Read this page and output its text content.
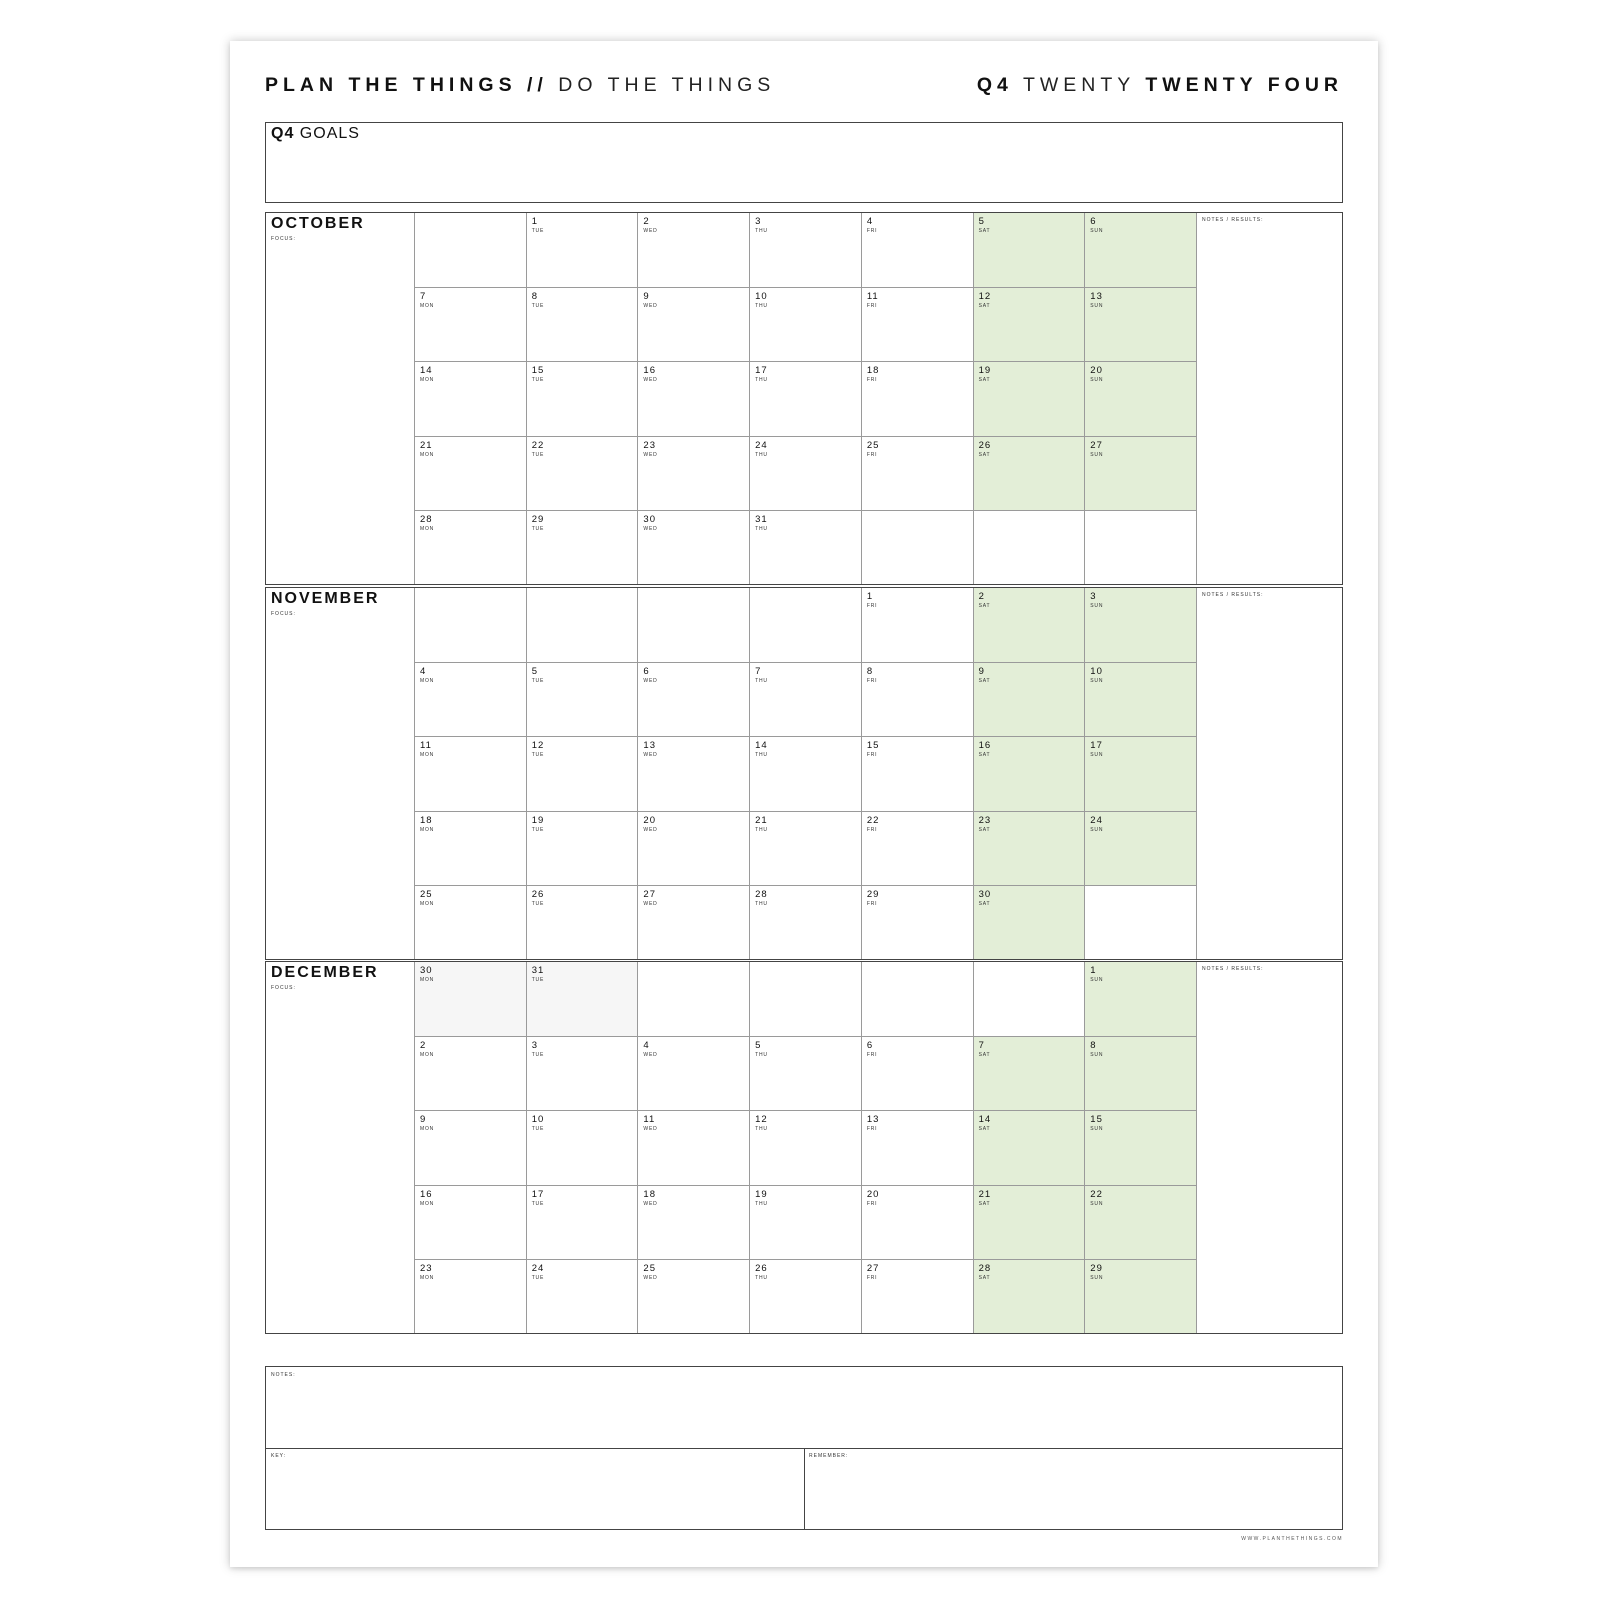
PLAN THE THINGS // DO THE THINGS	Q4 TWENTY TWENTY FOUR
Q4 GOALS
OCTOBER
FOCUS:
1
TUE
2
WED
3
THU
4
FRI
5
SAT
6
SUN
7
MON
8
TUE
9
WED
10
THU
11
FRI
12
SAT
13
SUN
14
MON
15
TUE
16
WED
17
THU
18
FRI
19
SAT
20
SUN
21
MON
22
TUE
23
WED
24
THU
25
FRI
26
SAT
27
SUN
28
MON
29
TUE
30
WED
31
THU
NOTES / RESULTS:
NOVEMBER
FOCUS:
1
FRI
2
SAT
3
SUN
4
MON
5
TUE
6
WED
7
THU
8
FRI
9
SAT
10
SUN
11
MON
12
TUE
13
WED
14
THU
15
FRI
16
SAT
17
SUN
18
MON
19
TUE
20
WED
21
THU
22
FRI
23
SAT
24
SUN
25
MON
26
TUE
27
WED
28
THU
29
FRI
30
SAT
NOTES / RESULTS:
DECEMBER
FOCUS:
30
MON
31
TUE
1
SUN
2
MON
3
TUE
4
WED
5
THU
6
FRI
7
SAT
8
SUN
9
MON
10
TUE
11
WED
12
THU
13
FRI
14
SAT
15
SUN
16
MON
17
TUE
18
WED
19
THU
20
FRI
21
SAT
22
SUN
23
MON
24
TUE
25
WED
26
THU
27
FRI
28
SAT
29
SUN
NOTES / RESULTS:
NOTES:
KEY:	REMEMBER:
WWW.PLANTHETHINGS.COM
